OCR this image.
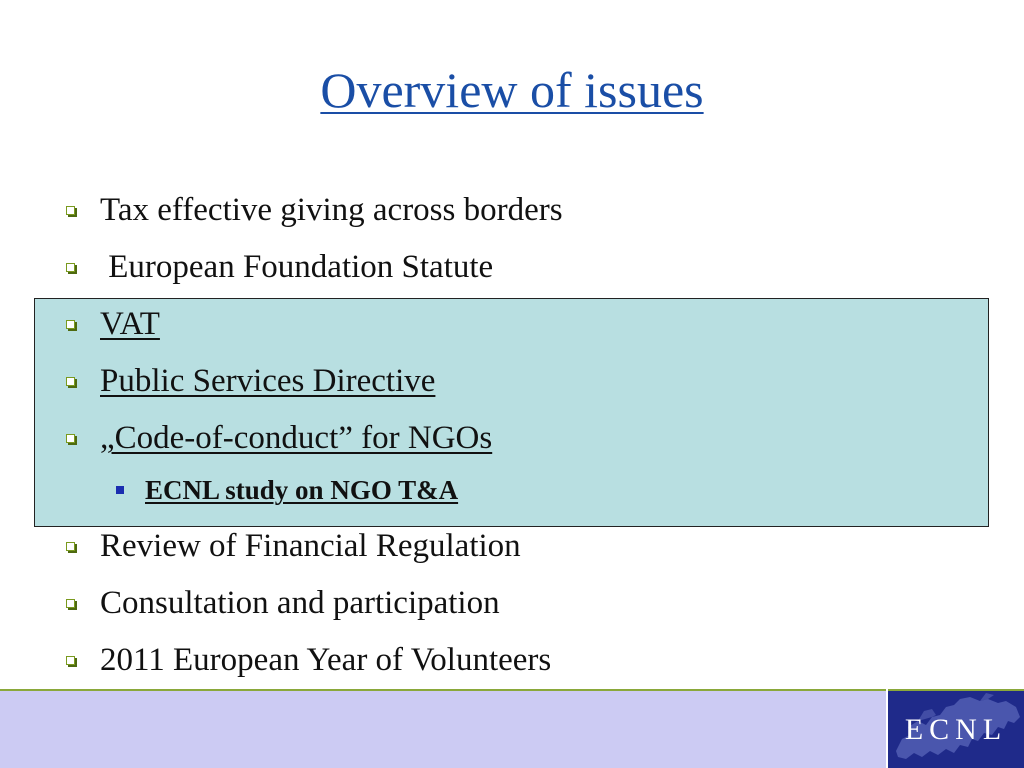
Overview of issues
Tax effective giving across borders
European Foundation Statute
VAT
Public Services Directive
„Code-of-conduct” for NGOs
ECNL study on NGO T&A
Review of Financial Regulation
Consultation and participation
2011 European Year of Volunteers
ECNL
